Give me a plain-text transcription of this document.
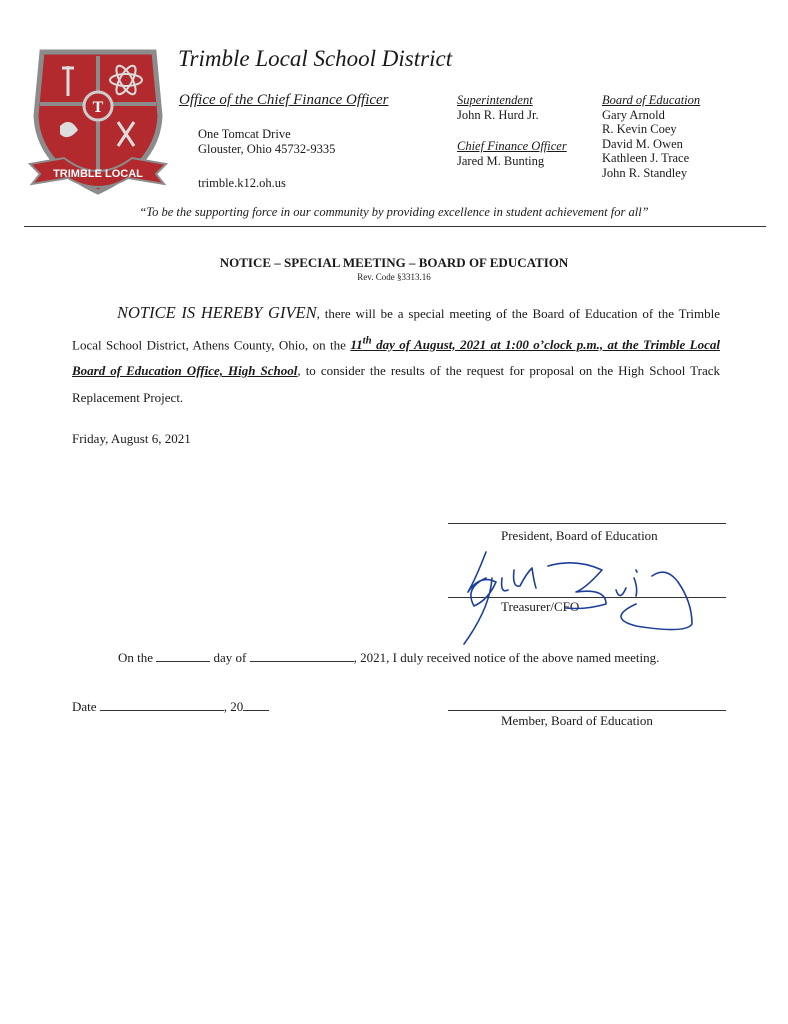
T
TRIMBLE LOCAL
Trimble Local School District
Office of the Chief Finance Officer
One Tomcat Drive
Glouster, Ohio 45732-9335
trimble.k12.oh.us
Superintendent
John R. Hurd Jr.
Chief Finance Officer
Jared M. Bunting
Board of Education
Gary Arnold
R. Kevin Coey
David M. Owen
Kathleen J. Trace
John R. Standley
“To be the supporting force in our community by providing excellence in student achievement for all”
NOTICE – SPECIAL MEETING – BOARD OF EDUCATION
Rev. Code §3313.16
NOTICE IS HEREBY GIVEN, there will be a special meeting of the Board of Education of the Trimble Local School District, Athens County, Ohio, on the 11th day of August, 2021 at 1:00 o’clock p.m., at the Trimble Local Board of Education Office, High School, to consider the results of the request for proposal on the High School Track Replacement Project.
Friday, August 6, 2021
President, Board of Education
Treasurer/CFO
On the	day of	, 2021, I duly received notice of the above named meeting.
Date	, 20
Member, Board of Education
